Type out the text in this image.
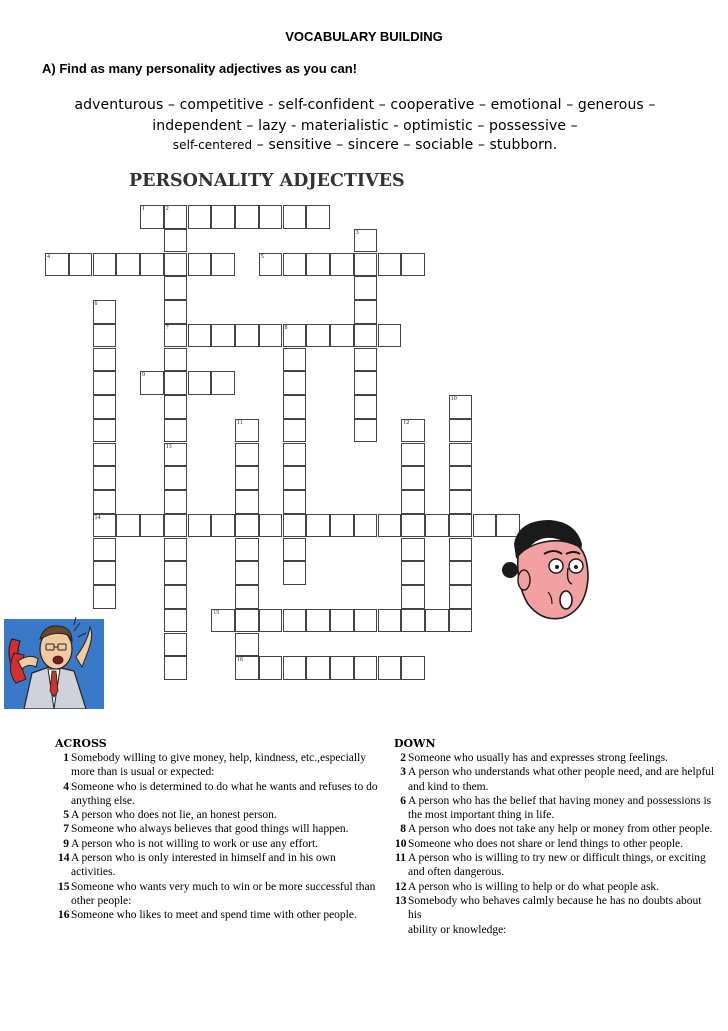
VOCABULARY BUILDING
A) Find as many personality adjectives as you can!
adventurous – competitive - self-confident – cooperative – emotional – generous –
independent – lazy - materialistic - optimistic – possessive –
self-centered – sensitive – sincere – sociable – stubborn.
PERSONALITY ADJECTIVES
1	2
3
4	5
6
7	8
9
10
11	12
13
14
15
16
ACROSS
1 Somebody willing to give money, help, kindness, etc.,especially
more than is usual or expected:
4 Someone who is determined to do what he wants and refuses to do
anything else.
5 A person who does not lie, an honest person.
7 Someone who always believes that good things will happen.
9 A person who is not willing to work or use any effort.
14 A person who is only interested in himself and in his own
activities.
15 Someone who wants very much to win or be more successful than
other people:
16 Someone who likes to meet and spend time with other people.
DOWN
2 Someone who usually has and expresses strong feelings.
3 A person who understands what other people need, and are helpful
and kind to them.
6 A person who has the belief that having money and possessions is
the most important thing in life.
8 A person who does not take any help or money from other people.
10 Someone who does not share or lend things to other people.
11 A person who is willing to try new or difficult things, or exciting
and often dangerous.
12 A person who is willing to help or do what people ask.
13 Somebody who behaves calmly because he has no doubts about his
ability or knowledge:
